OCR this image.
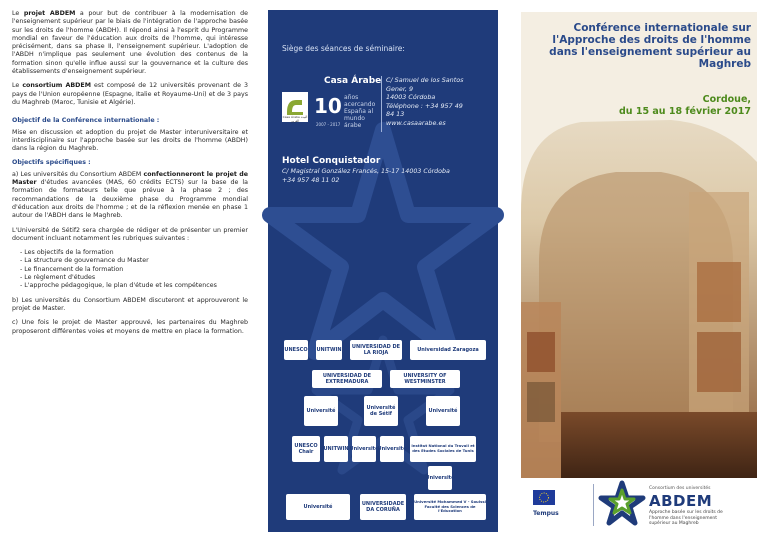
Le projet ABDEM a pour but de contribuer à la modernisation de l'enseignement supérieur par le biais de l'intégration de l'approche basée sur les droits de l'homme (ABDH). Il répond ainsi à l'esprit du Programme mondial en faveur de l'éducation aux droits de l'homme, qui intéresse précisément, dans sa phase II, l'enseignement supérieur. L'adoption de l'ABDH n'implique pas seulement une évolution des contenus de la formation sinon qu'elle influe aussi sur la gouvernance et la culture des établissements d'enseignement supérieur.

Le consortium ABDEM est composé de 12 universités provenant de 3 pays de l'Union européenne (Espagne, Italie et Royaume-Uni) et de 3 pays du Maghreb (Maroc, Tunisie et Algérie).

Objectif de la Conférence internationale :

Mise en discussion et adoption du projet de Master interuniversitaire et interdisciplinaire sur l'approche basée sur les droits de l'homme (ABDH) dans la région du Maghreb.

Objectifs spécifiques :

a) Les universités du Consortium ABDEM confectionneront le projet de Master d'études avancées (MAS, 60 crédits ECTS) sur la base de la formation de formateurs telle que prévue à la phase 2 ; des recommandations de la deuxième phase du Programme mondial d'éducation aux droits de l'homme ; et de la réflexion menée en phase 1 autour de l'ABDH dans le Maghreb.

L'Université de Sétif2 sera chargée de rédiger et de présenter un premier document incluant notamment les rubriques suivantes :

- Les objectifs de la formation
- La structure de gouvernance du Master
- Le financement de la formation
- Le règlement d'études
- L'approche pédagogique, le plan d'étude et les compétences

b) Les universités du Consortium ABDEM discuteront et approuveront le projet de Master.

c) Une fois le projet de Master approuvé, les partenaires du Maghreb proposeront différentes voies et moyens de mettre en place la formation.

Siège des séances de séminaire:
Casa Árabe
Casa Árabe البيت العربي
10 años acercando España al mundo árabe
2007 - 2017
C/ Samuel de los Santos
Gener, 9
14003 Córdoba
Téléphone : +34 957 49
84 13
www.casaarabe.es
Hotel Conquistador
C/ Magistral González Francés, 15-17 14003 Córdoba
+34 957 48 11 02
UNESCO UNITWIN	UNIVERSIDAD DE LA RIOJA	Universidad Zaragoza
UNIVERSIDAD DE EXTREMADURA
UNIVERSITY OF WESTMINSTER
Université	Université de Sétif	Université
UNESCO Chair	UNITWIN Université Université
Institut National du Travail et des Etudes Sociales de Tunis
Université
Université	UNIVERSIDADE DA CORUÑA
Université Mohammed V - Souissi Faculté des Sciences de l'Education
Conférence internationale sur l'Approche des droits de l'homme dans l'enseignement supérieur au Maghreb
Cordoue,
du 15 au 18 février 2017
Tempus
Consortium des universités
ABDEM
Approche basée sur les droits de l'homme dans l'enseignement supérieur au Maghreb
